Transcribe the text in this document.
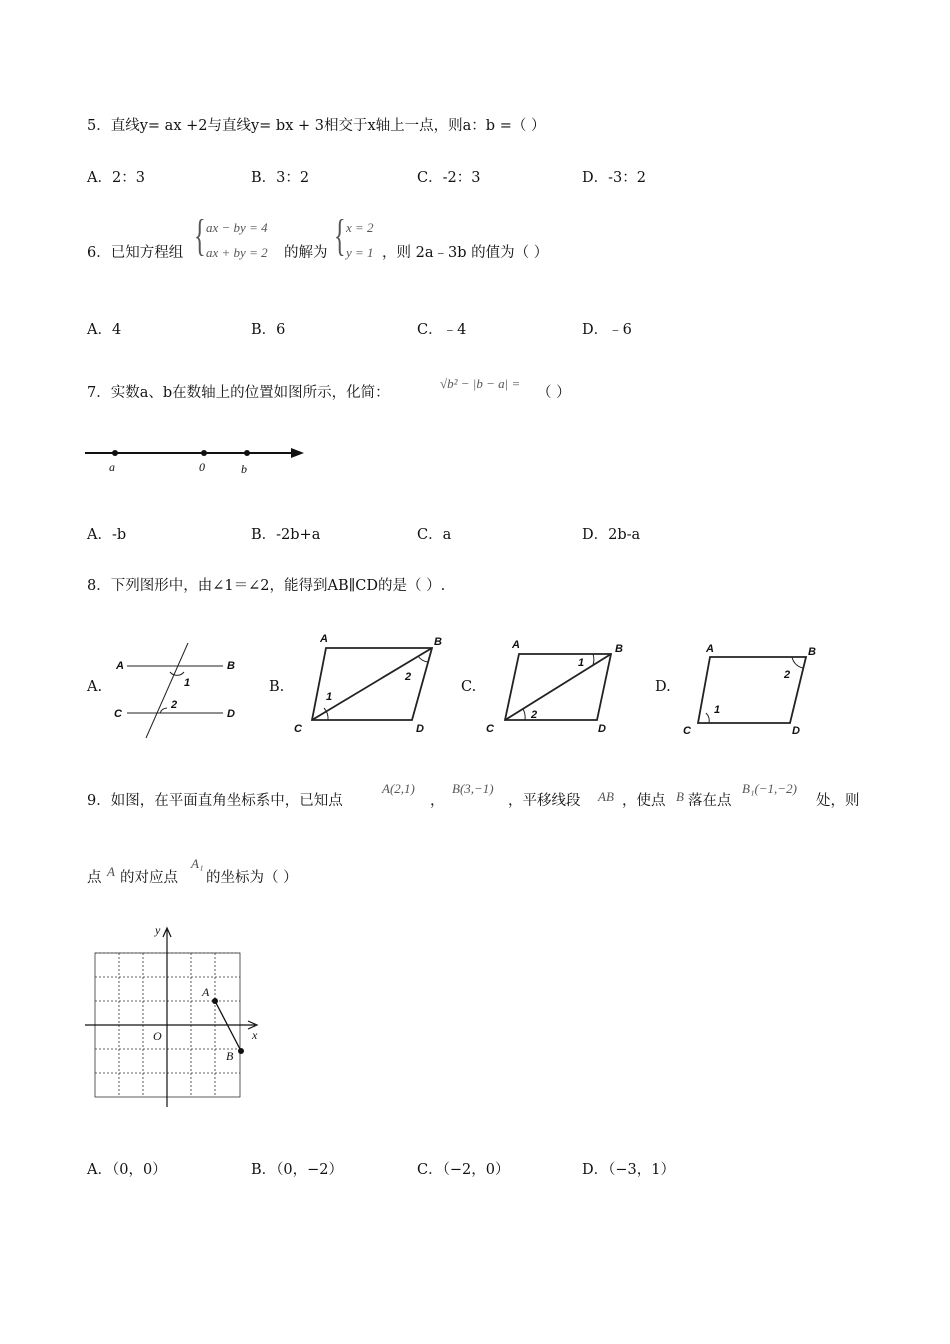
5．直线y= ax +2与直线y= bx + 3相交于x轴上一点，则a：b =（ ）
A．2：3	B．3：2	C．-2：3	D．-3：2
6．已知方程组 { ax − by = 4
ax + by = 2 的解为 { x = 2
y = 1 ，则 2a﹣3b 的值为（ ）
A．4	B．6	C．﹣4	D．﹣6
7．实数a、b在数轴上的位置如图所示，化简：
√b² − |b − a| =
（ ）
a	0	b
A．-b	B．-2b+a	C．a	D．2b-a
8．下列图形中，由∠1＝∠2，能得到AB∥CD的是（ ）.
A.
A	B
C	D
1
2
B.
A	B
C	D
1
2
C.
A	B
C	D
1
2
D.
A	B
C	D
1
2
9．如图，在平面直角坐标系中，已知点
A(2,1)
，
B(3,−1)
，平移线段 AB ，使点 B 落在点
B₁(−1,−2)
处，则
点 A 的对应点
A₁
的坐标为（ ）
y
x
O
A
B
A．（0，0）	B．（0，−2）	C．（−2，0）	D．（−3，1）
